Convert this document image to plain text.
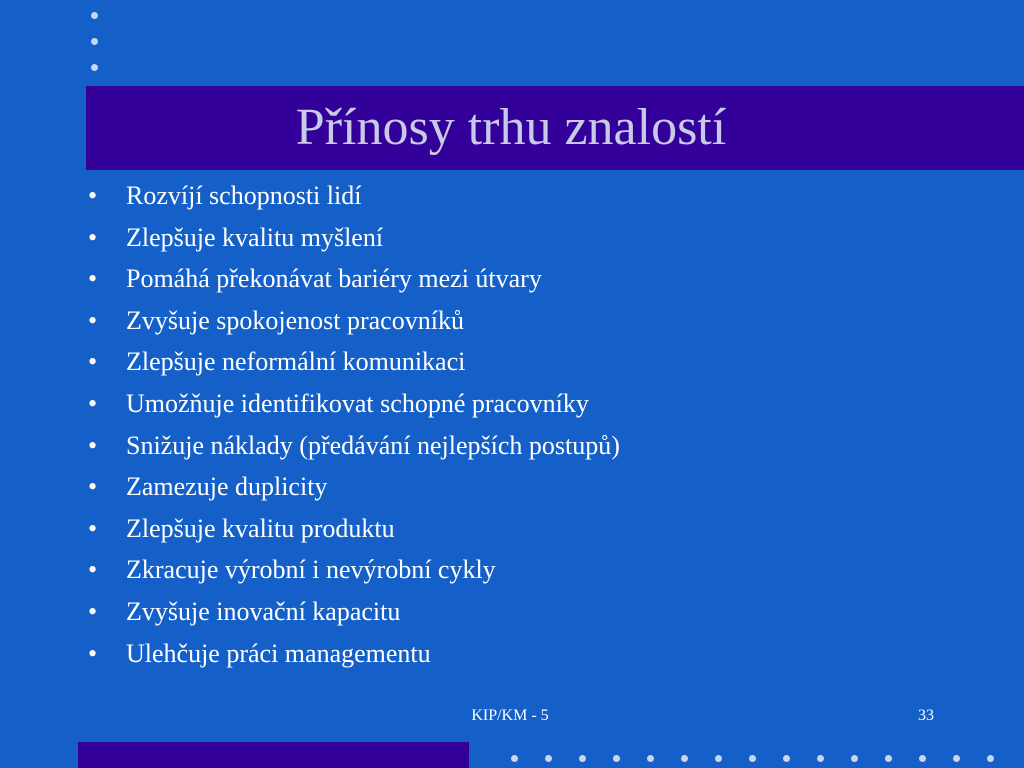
Přínosy trhu znalostí
•	Rozvíjí schopnosti lidí
•	Zlepšuje kvalitu myšlení
•	Pomáhá překonávat bariéry mezi útvary
•	Zvyšuje spokojenost pracovníků
•	Zlepšuje neformální komunikaci
•	Umožňuje identifikovat schopné pracovníky
•	Snižuje náklady (předávání nejlepších postupů)
•	Zamezuje duplicity
•	Zlepšuje kvalitu produktu
•	Zkracuje výrobní i nevýrobní cykly
•	Zvyšuje inovační kapacitu
•	Ulehčuje práci managementu
KIP/KM - 5	33
